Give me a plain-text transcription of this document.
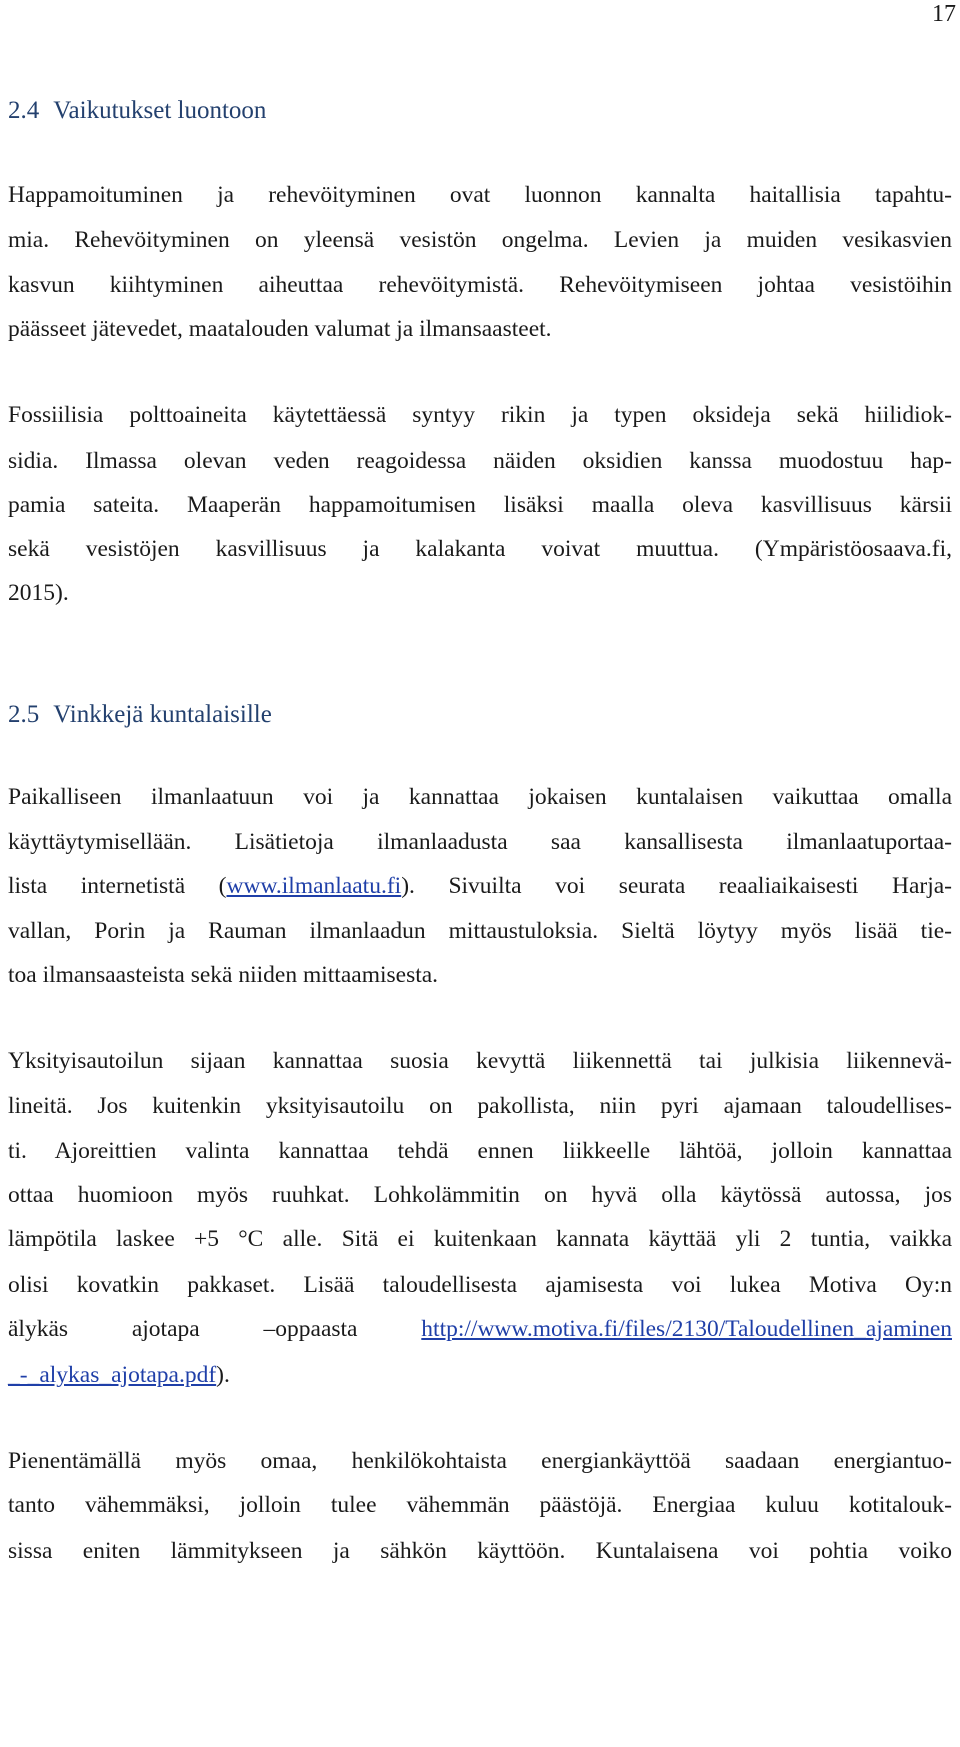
17
2.4 Vaikutukset luontoon
Happamoituminen ja rehevöityminen ovat luonnon kannalta haitallisia tapahtu-
mia. Rehevöityminen on yleensä vesistön ongelma. Levien ja muiden vesikasvien
kasvun kiihtyminen aiheuttaa rehevöitymistä. Rehevöitymiseen johtaa vesistöihin
päässeet jätevedet, maatalouden valumat ja ilmansaasteet.
Fossiilisia polttoaineita käytettäessä syntyy rikin ja typen oksideja sekä hiilidiok-
sidia. Ilmassa olevan veden reagoidessa näiden oksidien kanssa muodostuu hap-
pamia sateita. Maaperän happamoitumisen lisäksi maalla oleva kasvillisuus kärsii
sekä vesistöjen kasvillisuus ja kalakanta voivat muuttua. (Ympäristöosaava.fi,
2015).
2.5 Vinkkejä kuntalaisille
Paikalliseen ilmanlaatuun voi ja kannattaa jokaisen kuntalaisen vaikuttaa omalla
käyttäytymisellään. Lisätietoja ilmanlaadusta saa kansallisesta ilmanlaatuportaa-
lista internetistä (www.ilmanlaatu.fi). Sivuilta voi seurata reaaliaikaisesti Harja-
vallan, Porin ja Rauman ilmanlaadun mittaustuloksia. Sieltä löytyy myös lisää tie-
toa ilmansaasteista sekä niiden mittaamisesta.
Yksityisautoilun sijaan kannattaa suosia kevyttä liikennettä tai julkisia liikennevä-
lineitä. Jos kuitenkin yksityisautoilu on pakollista, niin pyri ajamaan taloudellises-
ti. Ajoreittien valinta kannattaa tehdä ennen liikkeelle lähtöä, jolloin kannattaa
ottaa huomioon myös ruuhkat. Lohkolämmitin on hyvä olla käytössä autossa, jos
lämpötila laskee +5 °C alle. Sitä ei kuitenkaan kannata käyttää yli 2 tuntia, vaikka
olisi kovatkin pakkaset. Lisää taloudellisesta ajamisesta voi lukea Motiva Oy:n
älykäs ajotapa –oppaasta http://www.motiva.fi/files/2130/Taloudellinen_ajaminen
_-_alykas_ajotapa.pdf).
Pienentämällä myös omaa, henkilökohtaista energiankäyttöä saadaan energiantuo-
tanto vähemmäksi, jolloin tulee vähemmän päästöjä. Energiaa kuluu kotitalouk-
sissa eniten lämmitykseen ja sähkön käyttöön. Kuntalaisena voi pohtia voiko
